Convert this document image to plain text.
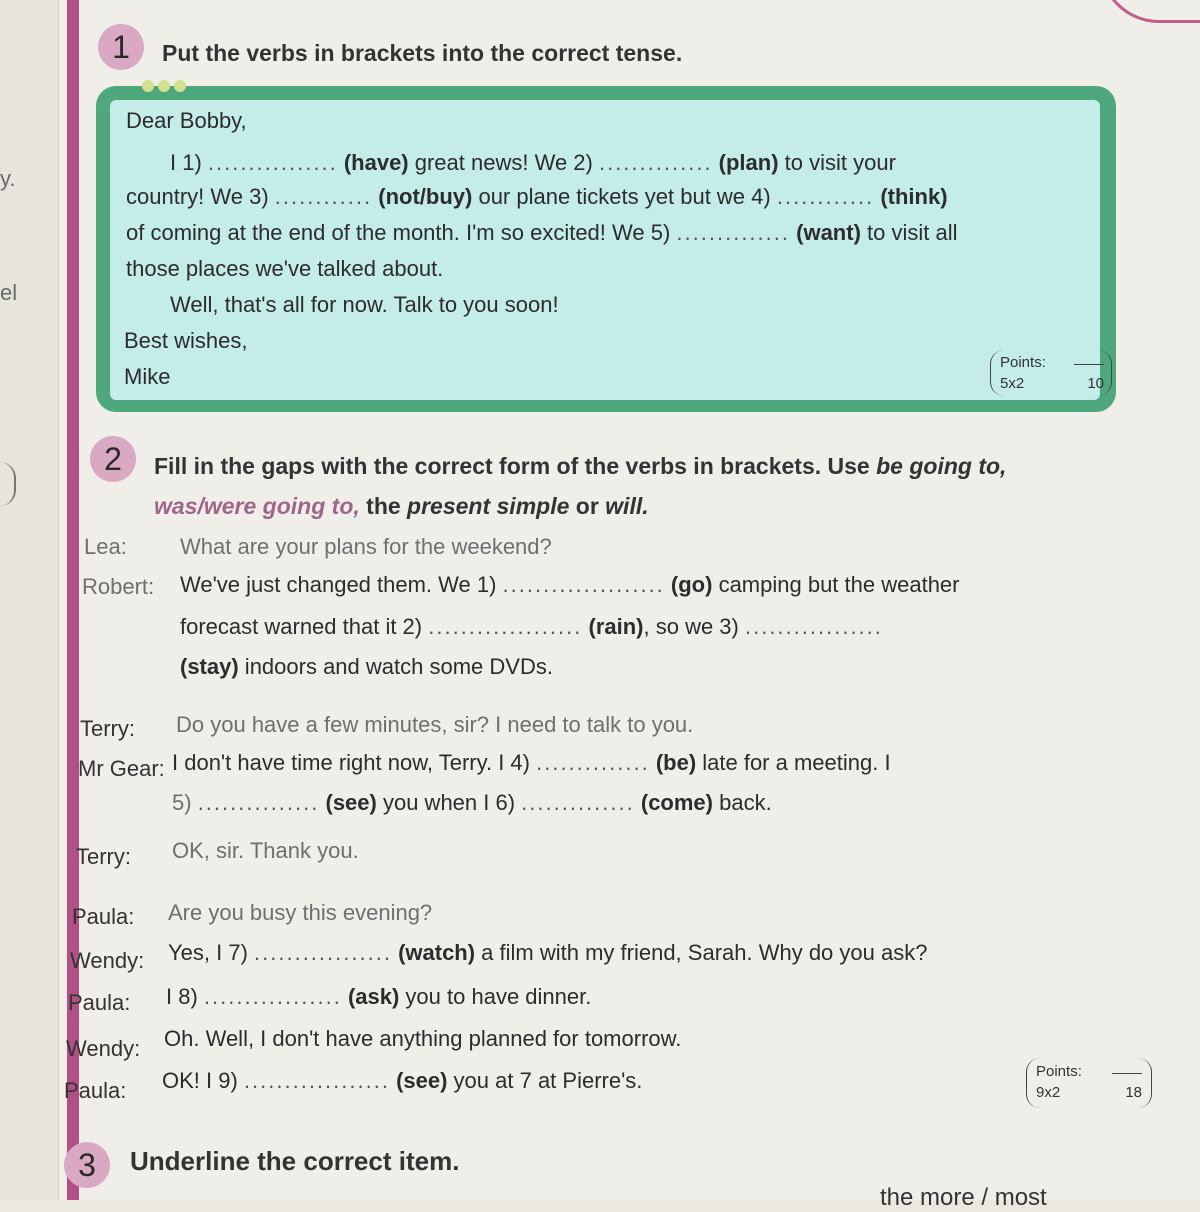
y.
el
1	Put the verbs in brackets into the correct tense.
Dear Bobby,
I 1) ................ (have) great news! We 2) .............. (plan) to visit your
country! We 3) ............ (not/buy) our plane tickets yet but we 4) ............ (think)
of coming at the end of the month. I'm so excited! We 5) .............. (want) to visit all
those places we've talked about.
Well, that's all for now. Talk to you soon!
Best wishes,
Mike
Points:
5x2	10
2	Fill in the gaps with the correct form of the verbs in brackets. Use be going to,
was/were going to, the present simple or will.
Lea: What are your plans for the weekend?
Robert: We've just changed them. We 1) .................... (go) camping but the weather
forecast warned that it 2) ................... (rain), so we 3) .................
(stay) indoors and watch some DVDs.
Terry: Do you have a few minutes, sir? I need to talk to you.
Mr Gear: I don't have time right now, Terry. I 4) .............. (be) late for a meeting. I
5) ............... (see) you when I 6) .............. (come) back.
Terry: OK, sir. Thank you.
Paula: Are you busy this evening?
Wendy: Yes, I 7) ................. (watch) a film with my friend, Sarah. Why do you ask?
Paula: I 8) ................. (ask) you to have dinner.
Wendy: Oh. Well, I don't have anything planned for tomorrow.
Paula: OK! I 9) .................. (see) you at 7 at Pierre's.	Points:
9x2	18
3	Underline the correct item.
the more / most
